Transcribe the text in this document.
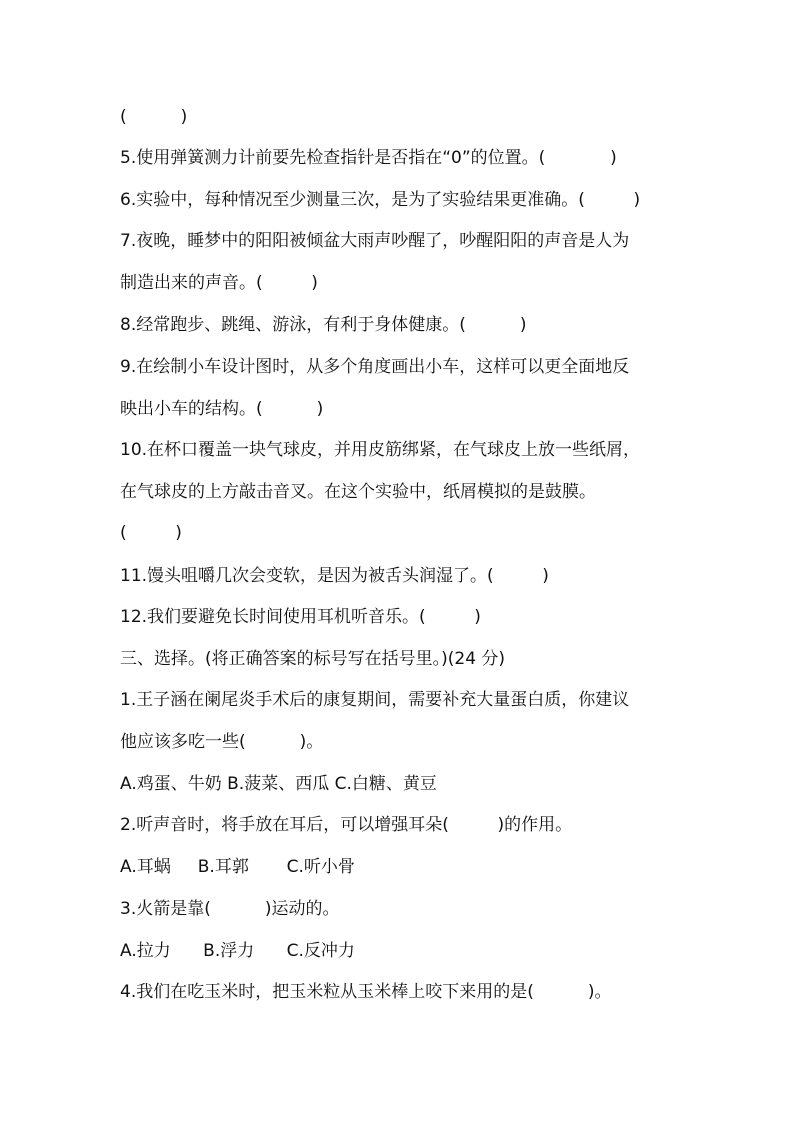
(          )
5.使用弹簧测力计前要先检查指针是否指在“0”的位置。(            )
6.实验中，每种情况至少测量三次，是为了实验结果更准确。(         )
7.夜晚，睡梦中的阳阳被倾盆大雨声吵醒了，吵醒阳阳的声音是人为
制造出来的声音。(         )
8.经常跑步、跳绳、游泳，有利于身体健康。(          )
9.在绘制小车设计图时，从多个角度画出小车，这样可以更全面地反
映出小车的结构。(          )
10.在杯口覆盖一块气球皮，并用皮筋绑紧，在气球皮上放一些纸屑，
在气球皮的上方敲击音叉。在这个实验中，纸屑模拟的是鼓膜。
(         )
11.馒头咀嚼几次会变软，是因为被舌头润湿了。(         )
12.我们要避免长时间使用耳机听音乐。(         )
三、选择。(将正确答案的标号写在括号里。)(24 分)
1.王子涵在阑尾炎手术后的康复期间，需要补充大量蛋白质，你建议
他应该多吃一些(          )。
A.鸡蛋、牛奶 B.菠菜、西瓜 C.白糖、黄豆
2.听声音时，将手放在耳后，可以增强耳朵(         )的作用。
A.耳蜗     B.耳郭       C.听小骨
3.火箭是靠(          )运动的。
A.拉力      B.浮力      C.反冲力
4.我们在吃玉米时，把玉米粒从玉米棒上咬下来用的是(          )。
